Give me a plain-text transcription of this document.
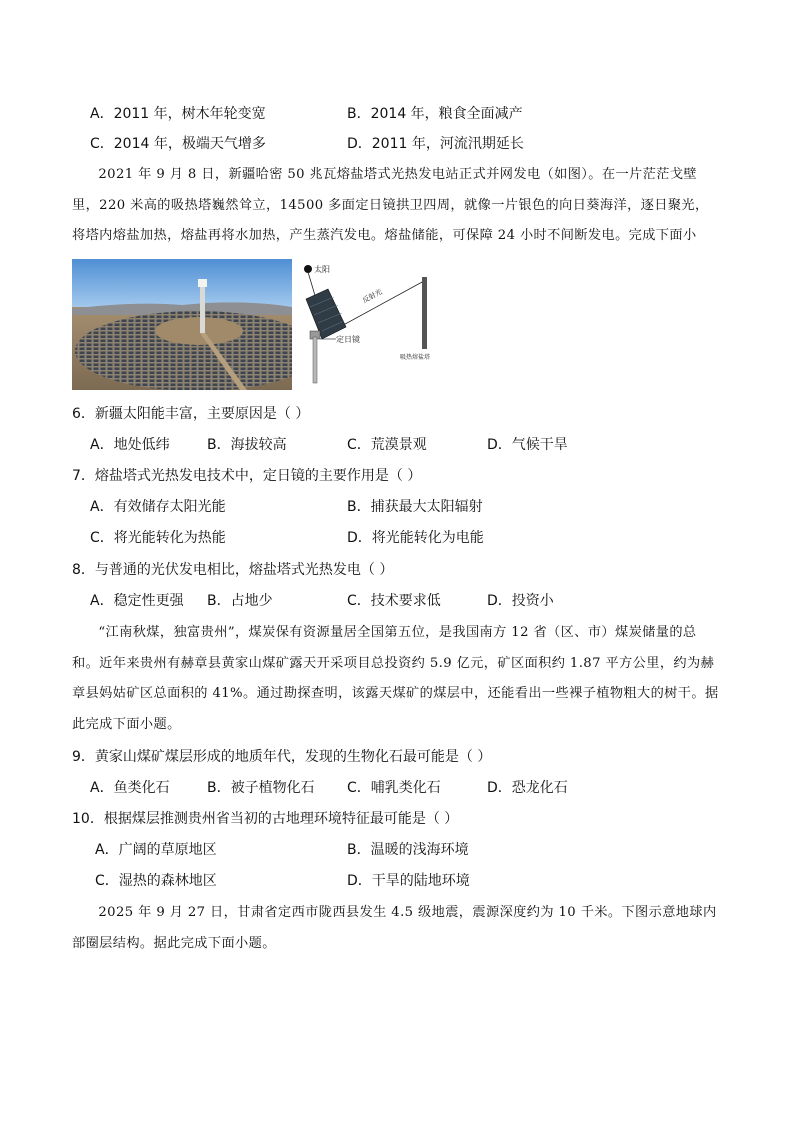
A．2011 年，树木年轮变宽	B．2014 年，粮食全面减产
C．2014 年，极端天气增多	D．2011 年，河流汛期延长
2021 年 9 月 8 日，新疆哈密 50 兆瓦熔盐塔式光热发电站正式并网发电（如图）。在一片茫茫戈壁里，220 米高的吸热塔巍然耸立，14500 多面定日镜拱卫四周，就像一片银色的向日葵海洋，逐日聚光，将塔内熔盐加热，熔盐再将水加热，产生蒸汽发电。熔盐储能，可保障 24 小时不间断发电。完成下面小
太阳
反射光
吸热熔盐塔
定日镜
6．新疆太阳能丰富，主要原因是（ ）
A．地处低纬	B．海拔较高	C．荒漠景观	D．气候干旱
7．熔盐塔式光热发电技术中，定日镜的主要作用是（ ）
A．有效储存太阳光能	B．捕获最大太阳辐射
C．将光能转化为热能	D．将光能转化为电能
8．与普通的光伏发电相比，熔盐塔式光热发电（ ）
A．稳定性更强 B．占地少	C．技术要求低	D．投资小
“江南秋煤，独富贵州”，煤炭保有资源量居全国第五位，是我国南方 12 省（区、市）煤炭储量的总和。近年来贵州有赫章县黄家山煤矿露天开采项目总投资约 5.9 亿元，矿区面积约 1.87 平方公里，约为赫章县妈姑矿区总面积的 41%。通过勘探查明，该露天煤矿的煤层中，还能看出一些裸子植物粗大的树干。据此完成下面小题。
9．黄家山煤矿煤层形成的地质年代，发现的生物化石最可能是（ ）
A．鱼类化石	B．被子植物化石 C．哺乳类化石	D．恐龙化石
10．根据煤层推测贵州省当初的古地理环境特征最可能是（ ）
A．广阔的草原地区	B．温暖的浅海环境
C．湿热的森林地区	D．干旱的陆地环境
2025 年 9 月 27 日，甘肃省定西市陇西县发生 4.5 级地震，震源深度约为 10 千米。下图示意地球内部圈层结构。据此完成下面小题。
